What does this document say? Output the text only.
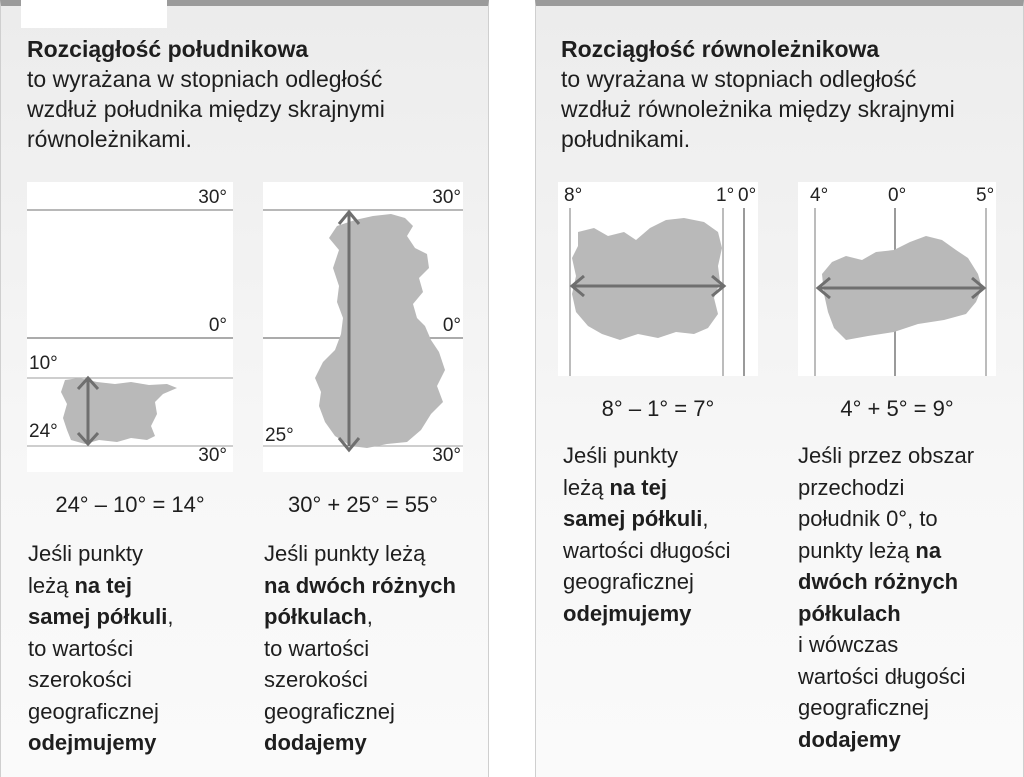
Rozciągłość południkowa
to wyrażana w stopniach odległość
wzdłuż południka między skrajnymi
równoleżnikami.

30°
0°
10°
24°
30°
30°
0°
25°
30°
24° – 10° = 14°	30° + 25° = 55°

Jeśli punkty
leżą na tej
samej półkuli,
to wartości
szerokości
geograficznej
odejmujemy

Jeśli punkty leżą
na dwóch różnych
półkulach,
to wartości
szerokości
geograficznej
dodajemy

Rozciągłość równoleżnikowa
to wyrażana w stopniach odległość
wzdłuż równoleżnika między skrajnymi
południkami.

8°	1° 0°	4°	0°	5°
8° – 1° = 7°	4° + 5° = 9°

Jeśli punkty
leżą na tej
samej półkuli,
wartości długości
geograficznej
odejmujemy

Jeśli przez obszar
przechodzi
południk 0°, to
punkty leżą na
dwóch różnych
półkulach
i wówczas
wartości długości
geograficznej
dodajemy
